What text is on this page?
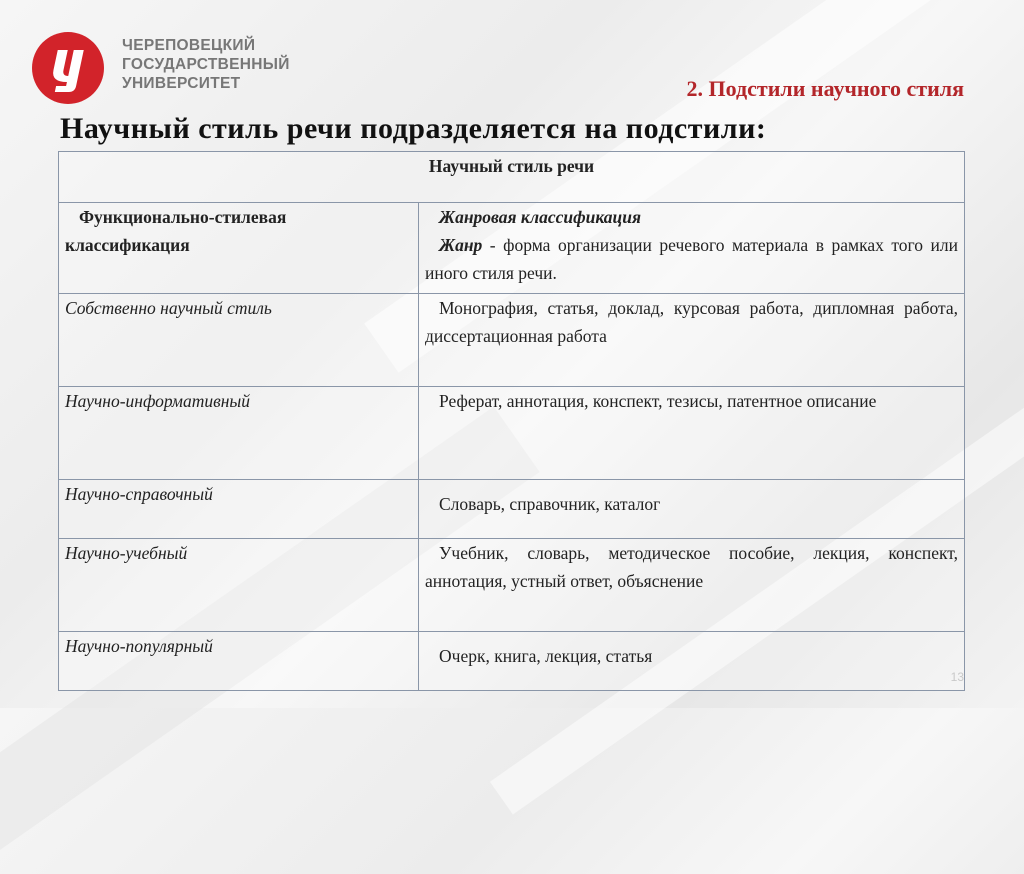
ЧЕРЕПОВЕЦКИЙ
ГОСУДАРСТВЕННЫЙ
УНИВЕРСИТЕТ	2. Подстили научного стиля
Научный стиль речи подразделяется на подстили:
Научный стиль речи	
Функционально-стилевая классификация	Жанровая классификация
Жанр - форма организации речевого материала в рамках того или иного стиля речи.

Собственно научный стиль	Монография, статья, доклад, курсовая работа, дипломная работа, диссертационная работа
Научно-информативный	Реферат, аннотация, конспект, тезисы, патентное описание
Научно-справочный	Словарь, справочник, каталог
Научно-учебный	Учебник, словарь, методическое пособие, лекция, конспект, аннотация, устный ответ, объяснение
Научно-популярный	Очерк, книга, лекция, статья

13
